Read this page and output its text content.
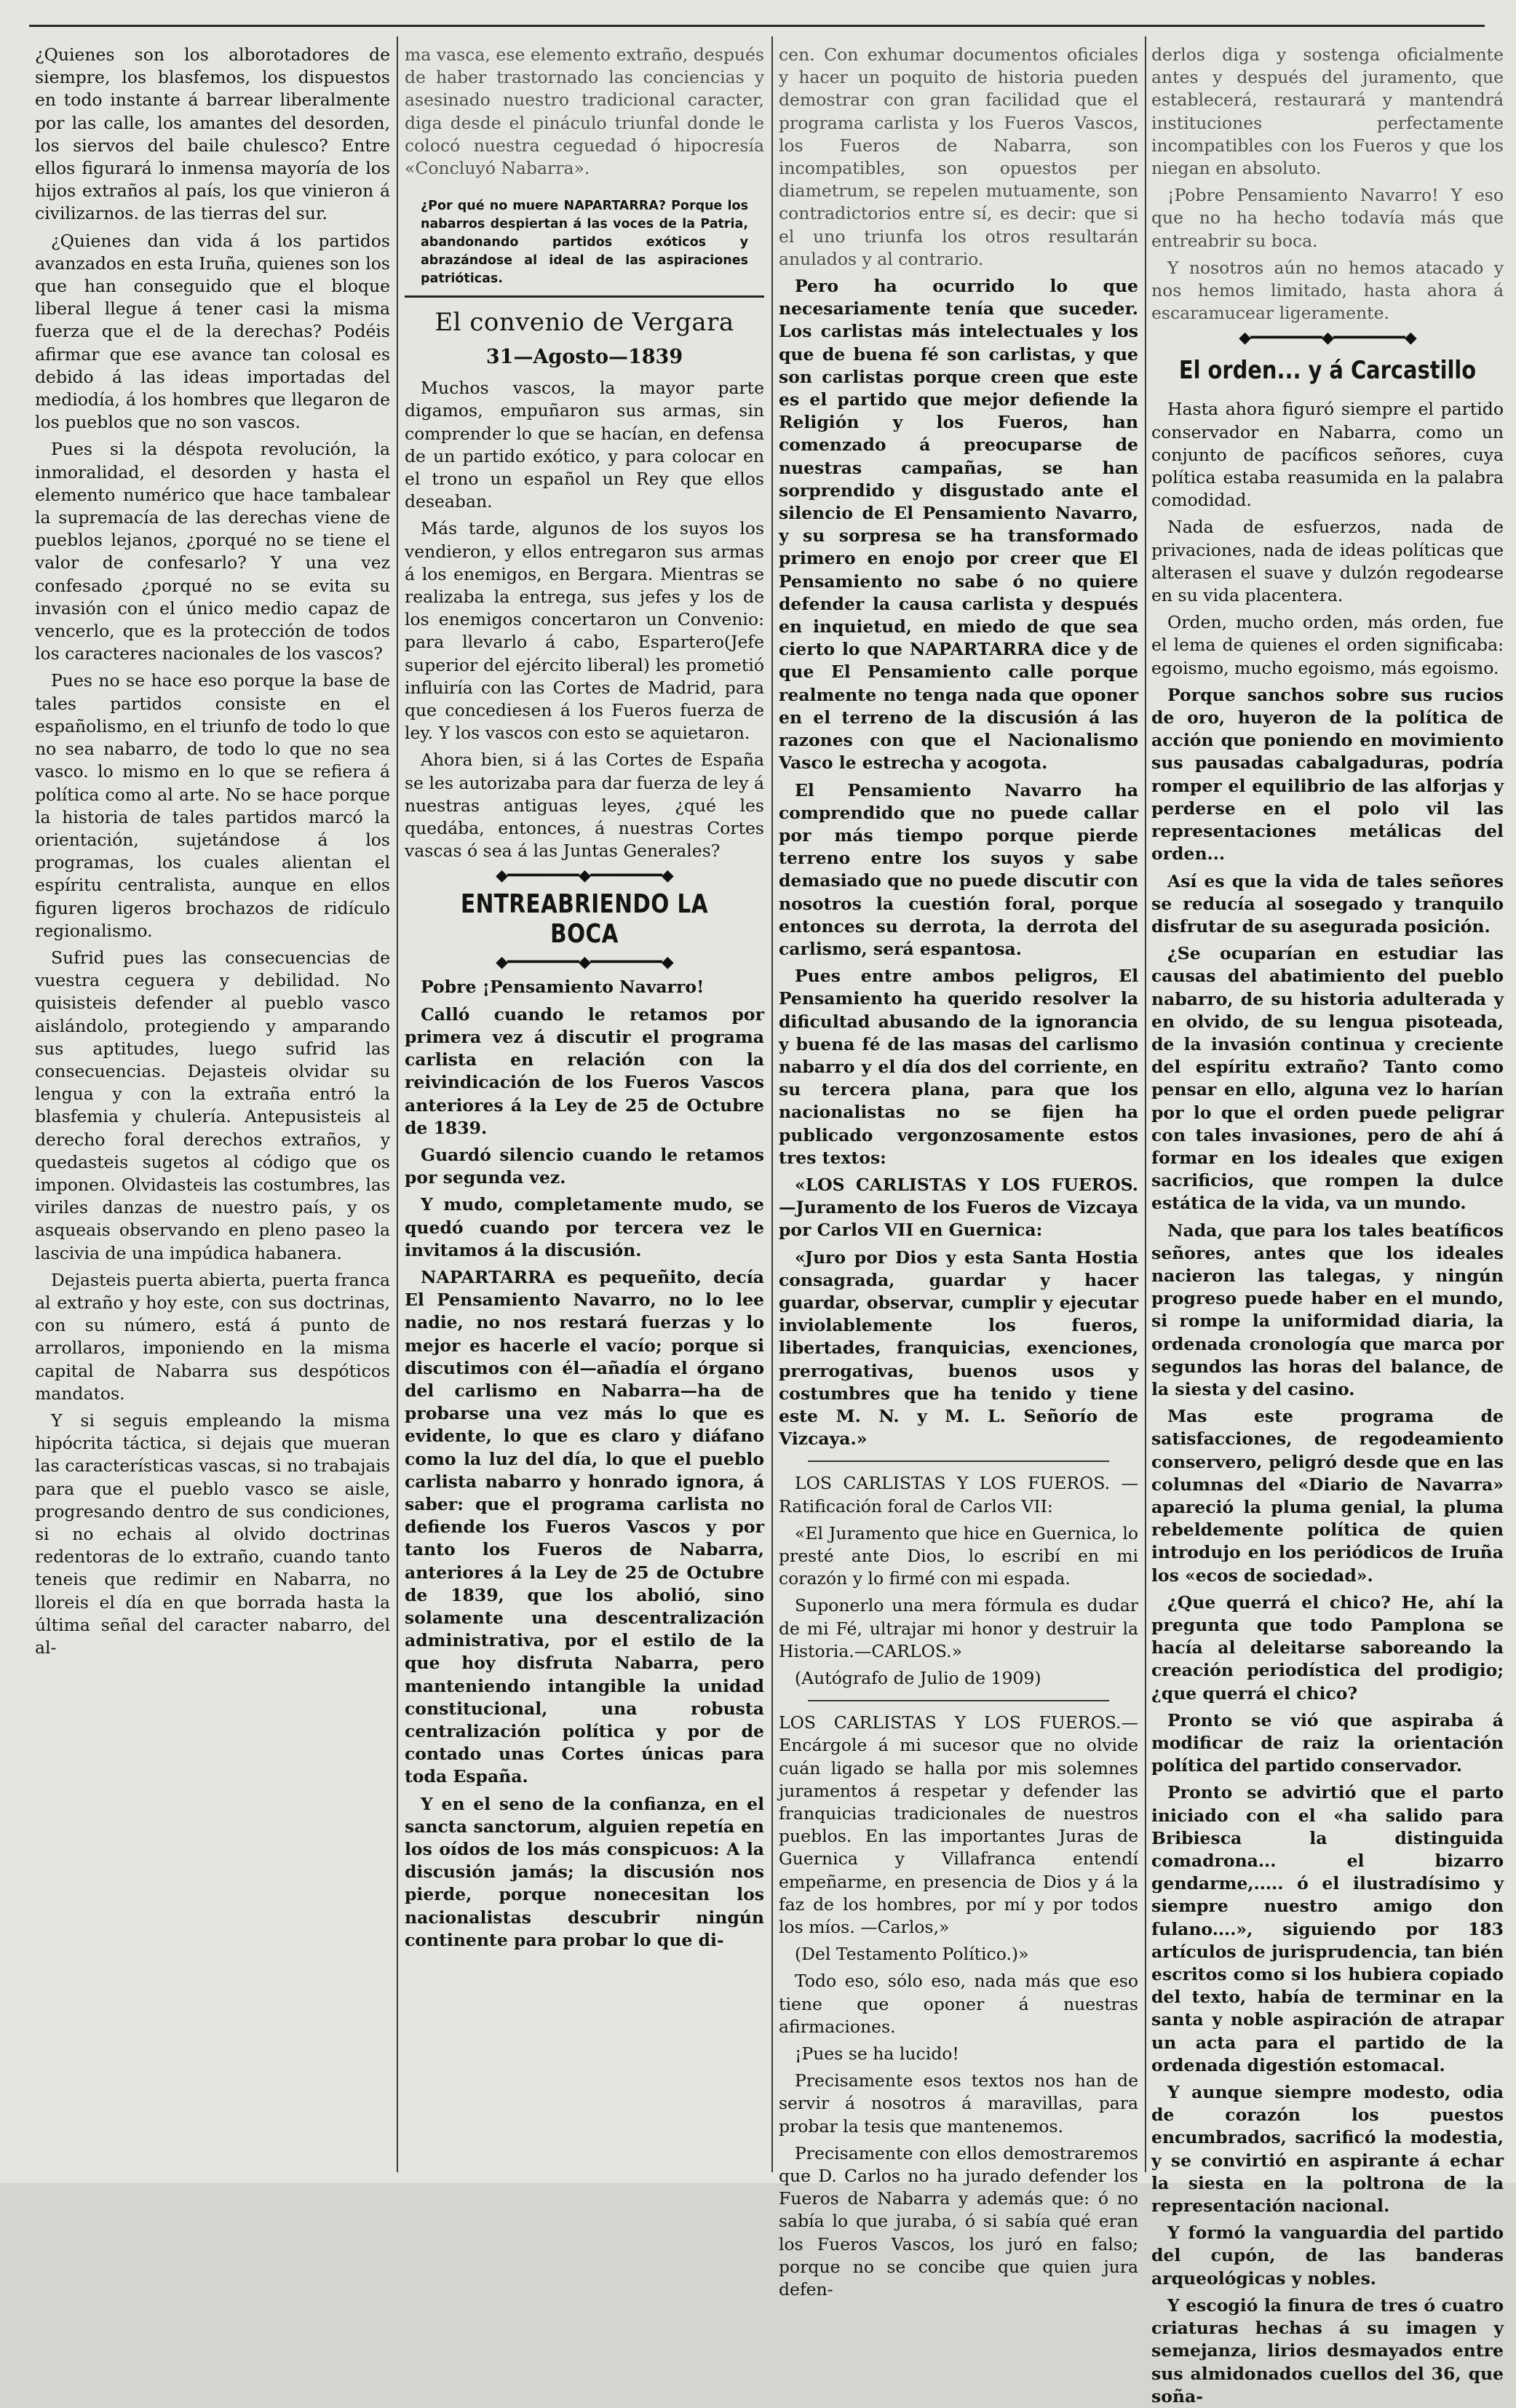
¿Quienes son los alborotadores de siempre, los blasfemos, los dispuestos en todo instante á barrear liberalmente por las calle, los amantes del desorden, los siervos del baile chulesco? Entre ellos figurará lo inmensa mayoría de los hijos extraños al país, los que vinieron á civilizarnos. de las tierras del sur.

¿Quienes dan vida á los partidos avanzados en esta Iruña, quienes son los que han conseguido que el bloque liberal llegue á tener casi la misma fuerza que el de la derechas? Podéis afirmar que ese avance tan colosal es debido á las ideas importadas del mediodía, á los hombres que llegaron de los pueblos que no son vascos.

Pues si la déspota revolución, la inmoralidad, el desorden y hasta el elemento numérico que hace tambalear la supremacía de las derechas viene de pueblos lejanos, ¿porqué no se tiene el valor de confesarlo? Y una vez confesado ¿porqué no se evita su invasión con el único medio capaz de vencerlo, que es la protección de todos los caracteres nacionales de los vascos?

Pues no se hace eso porque la base de tales partidos consiste en el españolismo, en el triunfo de todo lo que no sea nabarro, de todo lo que no sea vasco. lo mismo en lo que se refiera á política como al arte. No se hace porque la historia de tales partidos marcó la orientación, sujetándose á los programas, los cuales alientan el espíritu centralista, aunque en ellos figuren ligeros brochazos de ridículo regionalismo.

Sufrid pues las consecuencias de vuestra ceguera y debilidad. No quisisteis defender al pueblo vasco aislándolo, protegiendo y amparando sus aptitudes, luego sufrid las consecuencias. Dejasteis olvidar su lengua y con la extraña entró la blasfemia y chulería. Antepusisteis al derecho foral derechos extraños, y quedasteis sugetos al código que os imponen. Olvidasteis las costumbres, las viriles danzas de nuestro país, y os asqueais observando en pleno paseo la lascivia de una impúdica habanera.

Dejasteis puerta abierta, puerta franca al extraño y hoy este, con sus doctrinas, con su número, está á punto de arrollaros, imponiendo en la misma capital de Nabarra sus despóticos mandatos.

Y si seguis empleando la misma hipócrita táctica, si dejais que mueran las características vascas, si no trabajais para que el pueblo vasco se aisle, progresando dentro de sus condiciones, si no echais al olvido doctrinas redentoras de lo extraño, cuando tanto teneis que redimir en Nabarra, no lloreis el día en que borrada hasta la última señal del caracter nabarro, del al-

ma vasca, ese elemento extraño, después de haber trastornado las conciencias y asesinado nuestro tradicional caracter, diga desde el pináculo triunfal donde le colocó nuestra ceguedad ó hipocresía «Concluyó Nabarra».

¿Por qué no muere NAPARTARRA? Porque los nabarros despiertan á las voces de la Patria, abandonando partidos exóticos y abrazándose al ideal de las aspiraciones patrióticas.
El convenio de Vergara
31—Agosto—1839

Muchos vascos, la mayor parte digamos, empuñaron sus armas, sin comprender lo que se hacían, en defensa de un partido exótico, y para colocar en el trono un español un Rey que ellos deseaban.

Más tarde, algunos de los suyos los vendieron, y ellos entregaron sus armas á los enemigos, en Bergara. Mientras se realizaba la entrega, sus jefes y los de los enemigos concertaron un Convenio: para llevarlo á cabo, Espartero(Jefe superior del ejército liberal) les prometió influiría con las Cortes de Madrid, para que concediesen á los Fueros fuerza de ley. Y los vascos con esto se aquietaron.

Ahora bien, si á las Cortes de España se les autorizaba para dar fuerza de ley á nuestras antiguas leyes, ¿qué les quedába, entonces, á nuestras Cortes vascas ó sea á las Juntas Generales?

◆━━━━━━━━◆━━━━━━━━◆
ENTREABRIENDO LA BOCA
◆━━━━━━━━◆━━━━━━━━◆

Pobre ¡Pensamiento Navarro!

Calló cuando le retamos por primera vez á discutir el programa carlista en relación con la reivindicación de los Fueros Vascos anteriores á la Ley de 25 de Octubre de 1839.

Guardó silencio cuando le retamos por segunda vez.

Y mudo, completamente mudo, se quedó cuando por tercera vez le invitamos á la discusión.

NAPARTARRA es pequeñito, decía El Pensamiento Navarro, no lo lee nadie, no nos restará fuerzas y lo mejor es hacerle el vacío; porque si discutimos con él—añadía el órgano del carlismo en Nabarra—ha de probarse una vez más lo que es evidente, lo que es claro y diáfano como la luz del día, lo que el pueblo carlista nabarro y honrado ignora, á saber: que el programa carlista no defiende los Fueros Vascos y por tanto los Fueros de Nabarra, anteriores á la Ley de 25 de Octubre de 1839, que los abolió, sino solamente una descentralización administrativa, por el estilo de la que hoy disfruta Nabarra, pero manteniendo intangible la unidad constitucional, una robusta centralización política y por de contado unas Cortes únicas para toda España.

Y en el seno de la confianza, en el sancta sanctorum, alguien repetía en los oídos de los más conspicuos: A la discusión jamás; la discusión nos pierde, porque nonecesitan los nacionalistas descubrir ningún continente para probar lo que di-

cen. Con exhumar documentos oficiales y hacer un poquito de historia pueden demostrar con gran facilidad que el programa carlista y los Fueros Vascos, los Fueros de Nabarra, son incompatibles, son opuestos per diametrum, se repelen mutuamente, son contradictorios entre sí, es decir: que si el uno triunfa los otros resultarán anulados y al contrario.

Pero ha ocurrido lo que necesariamente tenía que suceder. Los carlistas más intelectuales y los que de buena fé son carlistas, y que son carlistas porque creen que este es el partido que mejor defiende la Religión y los Fueros, han comenzado á preocuparse de nuestras campañas, se han sorprendido y disgustado ante el silencio de El Pensamiento Navarro, y su sorpresa se ha transformado primero en enojo por creer que El Pensamiento no sabe ó no quiere defender la causa carlista y después en inquietud, en miedo de que sea cierto lo que NAPARTARRA dice y de que El Pensamiento calle porque realmente no tenga nada que oponer en el terreno de la discusión á las razones con que el Nacionalismo Vasco le estrecha y acogota.

El Pensamiento Navarro ha comprendido que no puede callar por más tiempo porque pierde terreno entre los suyos y sabe demasiado que no puede discutir con nosotros la cuestión foral, porque entonces su derrota, la derrota del carlismo, será espantosa.

Pues entre ambos peligros, El Pensamiento ha querido resolver la dificultad abusando de la ignorancia y buena fé de las masas del carlismo nabarro y el día dos del corriente, en su tercera plana, para que los nacionalistas no se fijen ha publicado vergonzosamente estos tres textos:

«LOS CARLISTAS Y LOS FUEROS. —Juramento de los Fueros de Vizcaya por Carlos VII en Guernica:

«Juro por Dios y esta Santa Hostia consagrada, guardar y hacer guardar, observar, cumplir y ejecutar inviolablemente los fueros, libertades, franquicias, exenciones, prerrogativas, buenos usos y costumbres que ha tenido y tiene este M. N. y M. L. Señorío de Vizcaya.»

LOS CARLISTAS Y LOS FUEROS. —Ratificación foral de Carlos VII:

«El Juramento que hice en Guernica, lo presté ante Dios, lo escribí en mi corazón y lo firmé con mi espada.

Suponerlo una mera fórmula es dudar de mi Fé, ultrajar mi honor y destruir la Historia.—CARLOS.»

(Autógrafo de Julio de 1909)

LOS CARLISTAS Y LOS FUEROS.—Encárgole á mi sucesor que no olvide cuán ligado se halla por mis solemnes juramentos á respetar y defender las franquicias tradicionales de nuestros pueblos. En las importantes Juras de Guernica y Villafranca entendí empeñarme, en presencia de Dios y á la faz de los hombres, por mí y por todos los míos. —Carlos,»

(Del Testamento Político.)»

Todo eso, sólo eso, nada más que eso tiene que oponer á nuestras afirmaciones.

¡Pues se ha lucido!

Precisamente esos textos nos han de servir á nosotros á maravillas, para probar la tesis que mantenemos.

Precisamente con ellos demostraremos que D. Carlos no ha jurado defender los Fueros de Nabarra y además que: ó no sabía lo que juraba, ó si sabía qué eran los Fueros Vascos, los juró en falso; porque no se concibe que quien jura defen-

derlos diga y sostenga oficialmente antes y después del juramento, que establecerá, restaurará y mantendrá instituciones perfectamente incompatibles con los Fueros y que los niegan en absoluto.

¡Pobre Pensamiento Navarro! Y eso que no ha hecho todavía más que entreabrir su boca.

Y nosotros aún no hemos atacado y nos hemos limitado, hasta ahora á escaramucear ligeramente.

◆━━━━━━━━◆━━━━━━━━◆
El orden... y á Carcastillo

Hasta ahora figuró siempre el partido conservador en Nabarra, como un conjunto de pacíficos señores, cuya política estaba reasumida en la palabra comodidad.

Nada de esfuerzos, nada de privaciones, nada de ideas políticas que alterasen el suave y dulzón regodearse en su vida placentera.

Orden, mucho orden, más orden, fue el lema de quienes el orden significaba: egoismo, mucho egoismo, más egoismo.

Porque sanchos sobre sus rucios de oro, huyeron de la política de acción que poniendo en movimiento sus pausadas cabalgaduras, podría romper el equilibrio de las alforjas y perderse en el polo vil las representaciones metálicas del orden...

Así es que la vida de tales señores se reducía al sosegado y tranquilo disfrutar de su asegurada posición.

¿Se ocuparían en estudiar las causas del abatimiento del pueblo nabarro, de su historia adulterada y en olvido, de su lengua pisoteada, de la invasión continua y creciente del espíritu extraño? Tanto como pensar en ello, alguna vez lo harían por lo que el orden puede peligrar con tales invasiones, pero de ahí á formar en los ideales que exigen sacrificios, que rompen la dulce estática de la vida, va un mundo.

Nada, que para los tales beatíficos señores, antes que los ideales nacieron las talegas, y ningún progreso puede haber en el mundo, si rompe la uniformidad diaria, la ordenada cronología que marca por segundos las horas del balance, de la siesta y del casino.

Mas este programa de satisfacciones, de regodeamiento conservero, peligró desde que en las columnas del «Diario de Navarra» apareció la pluma genial, la pluma rebeldemente política de quien introdujo en los periódicos de Iruña los «ecos de sociedad».

¿Que querrá el chico? He, ahí la pregunta que todo Pamplona se hacía al deleitarse saboreando la creación periodística del prodigio; ¿que querrá el chico?

Pronto se vió que aspiraba á modificar de raiz la orientación política del partido conservador.

Pronto se advirtió que el parto iniciado con el «ha salido para Bribiesca la distinguida comadrona... el bizarro gendarme,..... ó el ilustradísimo y siempre nuestro amigo don fulano....», siguiendo por 183 artículos de jurisprudencia, tan bién escritos como si los hubiera copiado del texto, había de terminar en la santa y noble aspiración de atrapar un acta para el partido de la ordenada digestión estomacal.

Y aunque siempre modesto, odia de corazón los puestos encumbrados, sacrificó la modestia, y se convirtió en aspirante á echar la siesta en la poltrona de la representación nacional.

Y formó la vanguardia del partido del cupón, de las banderas arqueológicas y nobles.

Y escogió la finura de tres ó cuatro criaturas hechas á su imagen y semejanza, lirios desmayados entre sus almidonados cuellos del 36, que soña-
